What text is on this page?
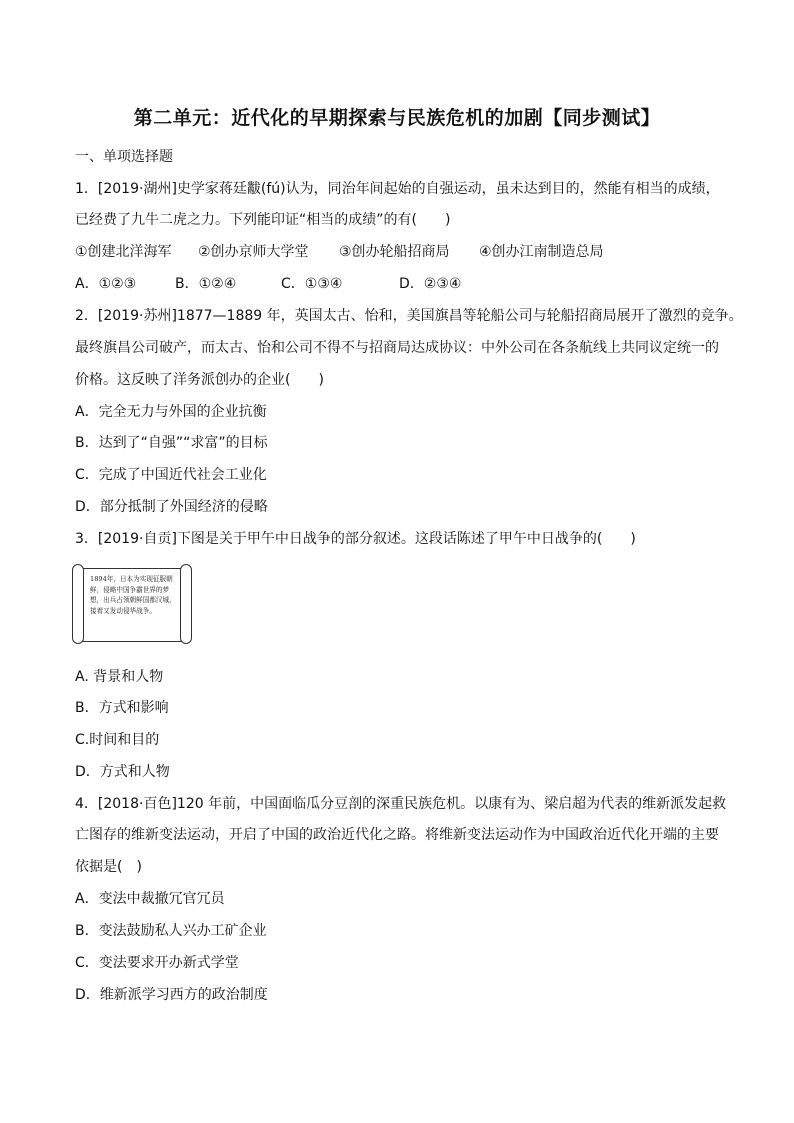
第二单元：近代化的早期探索与民族危机的加剧【同步测试】
一、单项选择题
1．[2019·湖州]史学家蒋廷黻(fú)认为，同治年间起始的自强运动，虽未达到目的，然能有相当的成绩，
已经费了九牛二虎之力。下列能印证“相当的成绩”的有(　　)
①创建北洋海军 ②创办京师大学堂 ③创办轮船招商局 ④创办江南制造总局
A．①②③	B．①②④	C．①③④	D．②③④
2．[2019·苏州]1877—1889 年，英国太古、怡和，美国旗昌等轮船公司与轮船招商局展开了激烈的竞争。
最终旗昌公司破产，而太古、怡和公司不得不与招商局达成协议：中外公司在各条航线上共同议定统一的
价格。这反映了洋务派创办的企业(　　)
A．完全无力与外国的企业抗衡
B．达到了“自强”“求富”的目标
C．完成了中国近代社会工业化
D．部分抵制了外国经济的侵略
3．[2019·自贡]下图是关于甲午中日战争的部分叙述。这段话陈述了甲午中日战争的(　　)
1894年，日本为实现征服朝鲜，侵略中国争霸世界的梦想，出兵占领朝鲜国都汉城，接着又发动侵华战争。
A. 背景和人物
B．方式和影响
C.时间和目的
D．方式和人物
4．[2018·百色]120 年前，中国面临瓜分豆剖的深重民族危机。以康有为、梁启超为代表的维新派发起救
亡图存的维新变法运动，开启了中国的政治近代化之路。将维新变法运动作为中国政治近代化开端的主要
依据是(　)
A．变法中裁撤冗官冗员
B．变法鼓励私人兴办工矿企业
C．变法要求开办新式学堂
D．维新派学习西方的政治制度
